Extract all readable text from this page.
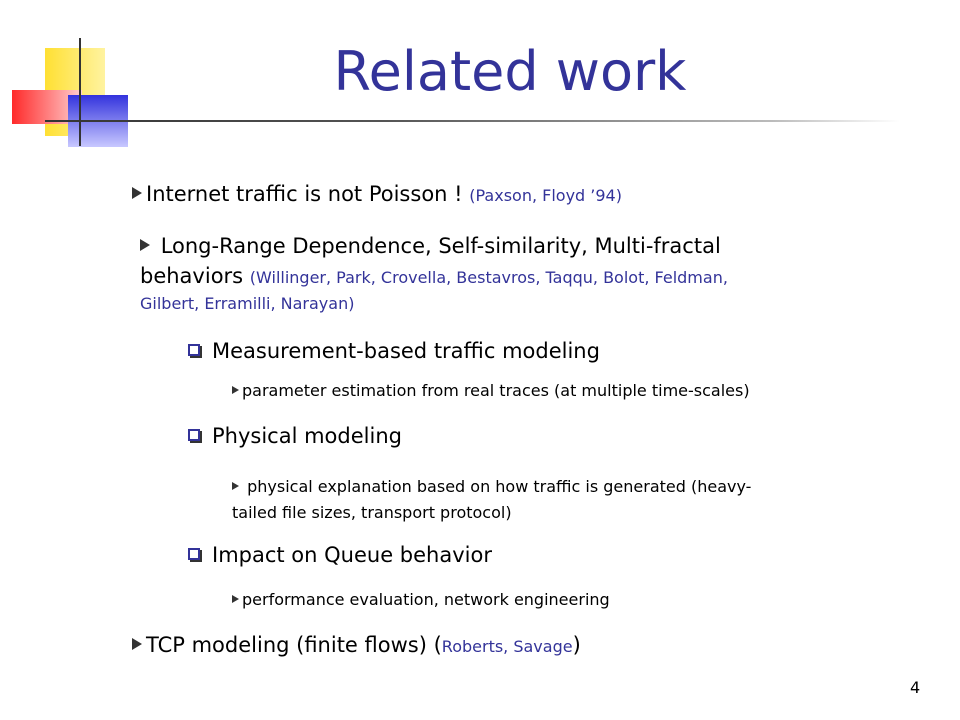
Related work
Internet traffic is not Poisson ! (Paxson, Floyd ’94)
Long-Range Dependence, Self-similarity, Multi-fractal
behaviors (Willinger, Park, Crovella, Bestavros, Taqqu, Bolot, Feldman,
Gilbert, Erramilli, Narayan)
Measurement-based traffic modeling
parameter estimation from real traces (at multiple time-scales)
Physical modeling
physical explanation based on how traffic is generated (heavy-
tailed file sizes, transport protocol)
Impact on Queue behavior
performance evaluation, network engineering
TCP modeling (finite flows) (Roberts, Savage)
4
